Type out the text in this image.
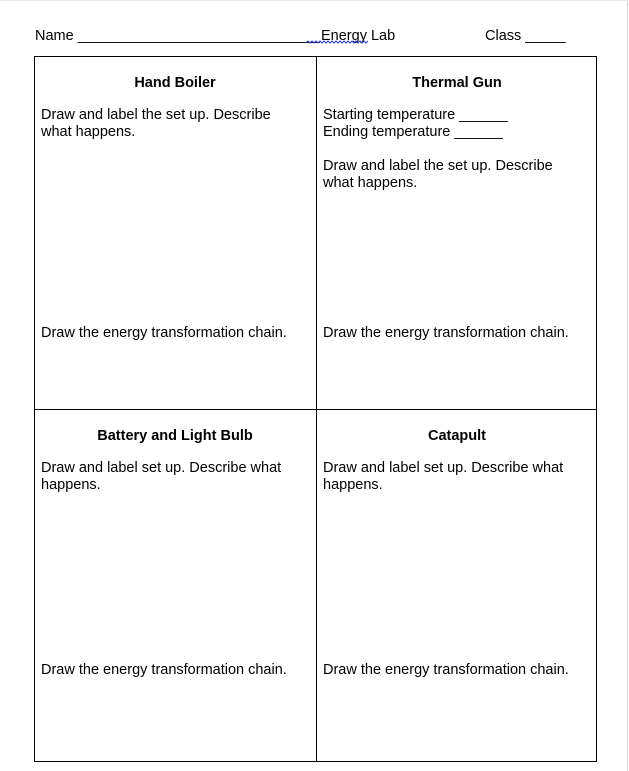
Name ______________________________ Energy Lab	Class _____
Hand Boiler
Draw and label the set up. Describe what happens.
Draw the energy transformation chain.
Thermal Gun
Starting temperature ______
Ending temperature ______
Draw and label the set up. Describe what happens.
Draw the energy transformation chain.
Battery and Light Bulb
Draw and label set up. Describe what happens.
Draw the energy transformation chain.
Catapult
Draw and label set up. Describe what happens.
Draw the energy transformation chain.
